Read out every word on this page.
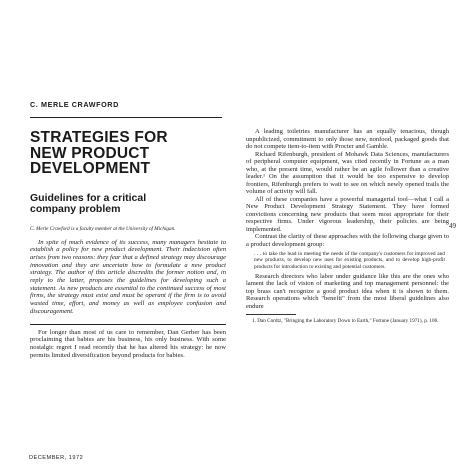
C. MERLE CRAWFORD
STRATEGIES FOR
NEW PRODUCT
DEVELOPMENT
Guidelines for a critical
company problem

C. Merle Crawford is a faculty member at the University of Michigan.

In spite of much evidence of its success, many managers hesitate to establish a policy for new product development. Their indecision often arises from two reasons: they fear that a defined strategy may discourage innovation and they are uncertain how to formulate a new product strategy. The author of this article discredits the former notion and, in reply to the latter, proposes the guidelines for developing such a statement. As new products are essential to the continued success of most firms, the strategy must exist and must be operant if the firm is to avoid wasted time, effort, and money as well as employee confusion and discouragement.

For longer than most of us care to remember, Dan Gerber has been proclaiming that babies are his business, his only business. With some nostalgic regret I read recently that he has altered his strategy: he now permits limited diversification beyond products for babies.

A leading toiletries manufacturer has an equally tenacious, though unpublicized, commitment to only those new, nonfood, packaged goods that do not compete item-to-item with Procter and Gamble.

Richard Rifenburgh, president of Mohawk Data Sciences, manufacturers of peripheral computer equipment, was cited recently in Fortune as a man who, at the present time, would rather be an agile follower than a creative leader.¹ On the assumption that it would be too expensive to develop frontiers, Rifenburgh prefers to wait to see on which newly opened trails the volume of activity will fall.

All of these companies have a powerful managerial tool—what I call a New Product Development Strategy Statement. They have formed convictions concerning new products that seem most appropriate for their respective firms. Under vigorous leadership, their policies are being implemented.

Contrast the clarity of these approaches with the following charge given to a product development group:

. . . to take the lead in meeting the needs of the company's customers for improved and new products, to develop new uses for existing products, and to develop high-profit products for introduction to existing and potential customers.

Research directors who labor under guidance like this are the ones who lament the lack of vision of marketing and top management personnel: the top brass can't recognize a good product idea when it is shown to them. Research operations which "benefit" from the most liberal guidelines also endure

1. Dan Cordtz, "Bringing the Laboratory Down to Earth," Fortune (January 1971), p. 106.

49
DECEMBER, 1972
